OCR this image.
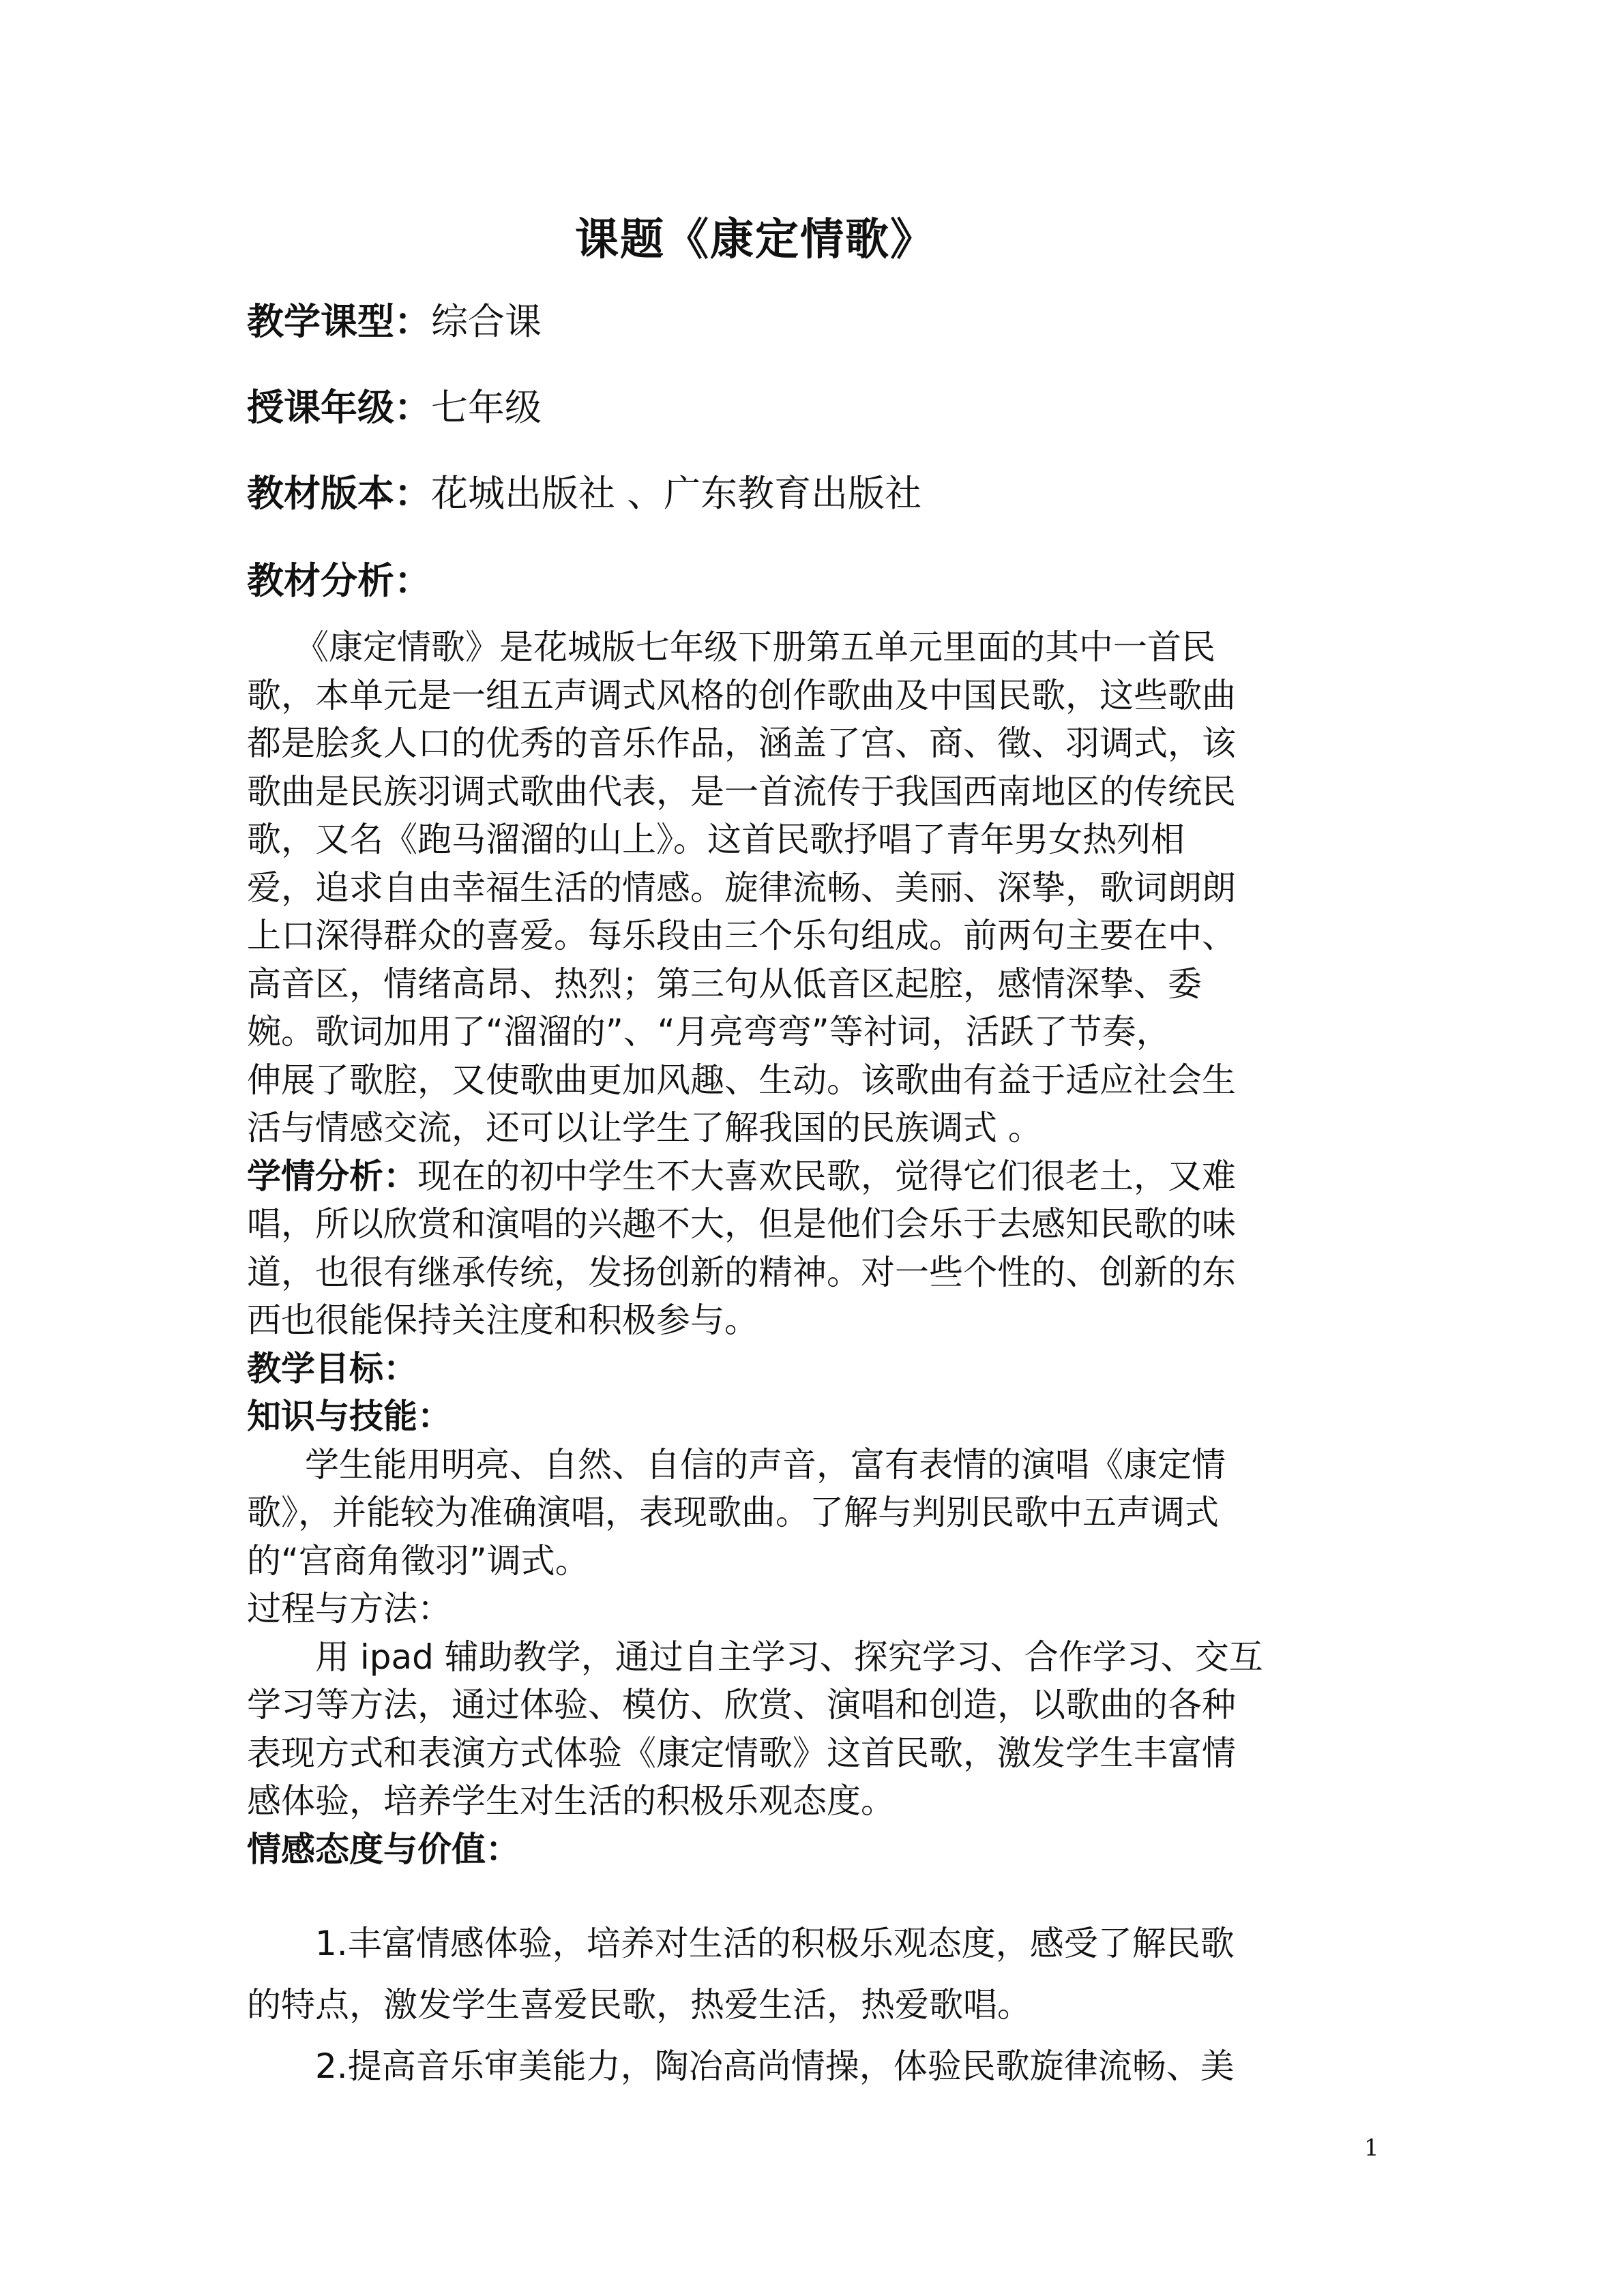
课题《康定情歌》
教学课型：综合课
授课年级：七年级
教材版本：花城出版社 、广东教育出版社
教材分析：
《康定情歌》是花城版七年级下册第五单元里面的其中一首民
歌，本单元是一组五声调式风格的创作歌曲及中国民歌，这些歌曲
都是脍炙人口的优秀的音乐作品，涵盖了宫、商、徵、羽调式，该
歌曲是民族羽调式歌曲代表，是一首流传于我国西南地区的传统民
歌，又名《跑马溜溜的山上》。这首民歌抒唱了青年男女热列相
爱，追求自由幸福生活的情感。旋律流畅、美丽、深挚，歌词朗朗
上口深得群众的喜爱。每乐段由三个乐句组成。前两句主要在中、
高音区，情绪高昂、热烈；第三句从低音区起腔，感情深挚、委
婉。歌词加用了“溜溜的”、“月亮弯弯”等衬词，活跃了节奏，
伸展了歌腔，又使歌曲更加风趣、生动。该歌曲有益于适应社会生
活与情感交流，还可以让学生了解我国的民族调式 。
学情分析：现在的初中学生不大喜欢民歌，觉得它们很老土，又难
唱，所以欣赏和演唱的兴趣不大，但是他们会乐于去感知民歌的味
道，也很有继承传统，发扬创新的精神。对一些个性的、创新的东
西也很能保持关注度和积极参与。
教学目标：
知识与技能：
学生能用明亮、自然、自信的声音，富有表情的演唱《康定情
歌》，并能较为准确演唱，表现歌曲。了解与判别民歌中五声调式
的“宫商角徵羽”调式。
过程与方法：
用 ipad 辅助教学，通过自主学习、探究学习、合作学习、交互
学习等方法，通过体验、模仿、欣赏、演唱和创造，以歌曲的各种
表现方式和表演方式体验《康定情歌》这首民歌，激发学生丰富情
感体验，培养学生对生活的积极乐观态度。
情感态度与价值：
1.丰富情感体验，培养对生活的积极乐观态度，感受了解民歌
的特点，激发学生喜爱民歌，热爱生活，热爱歌唱。
2.提高音乐审美能力，陶冶高尚情操，体验民歌旋律流畅、美
1
